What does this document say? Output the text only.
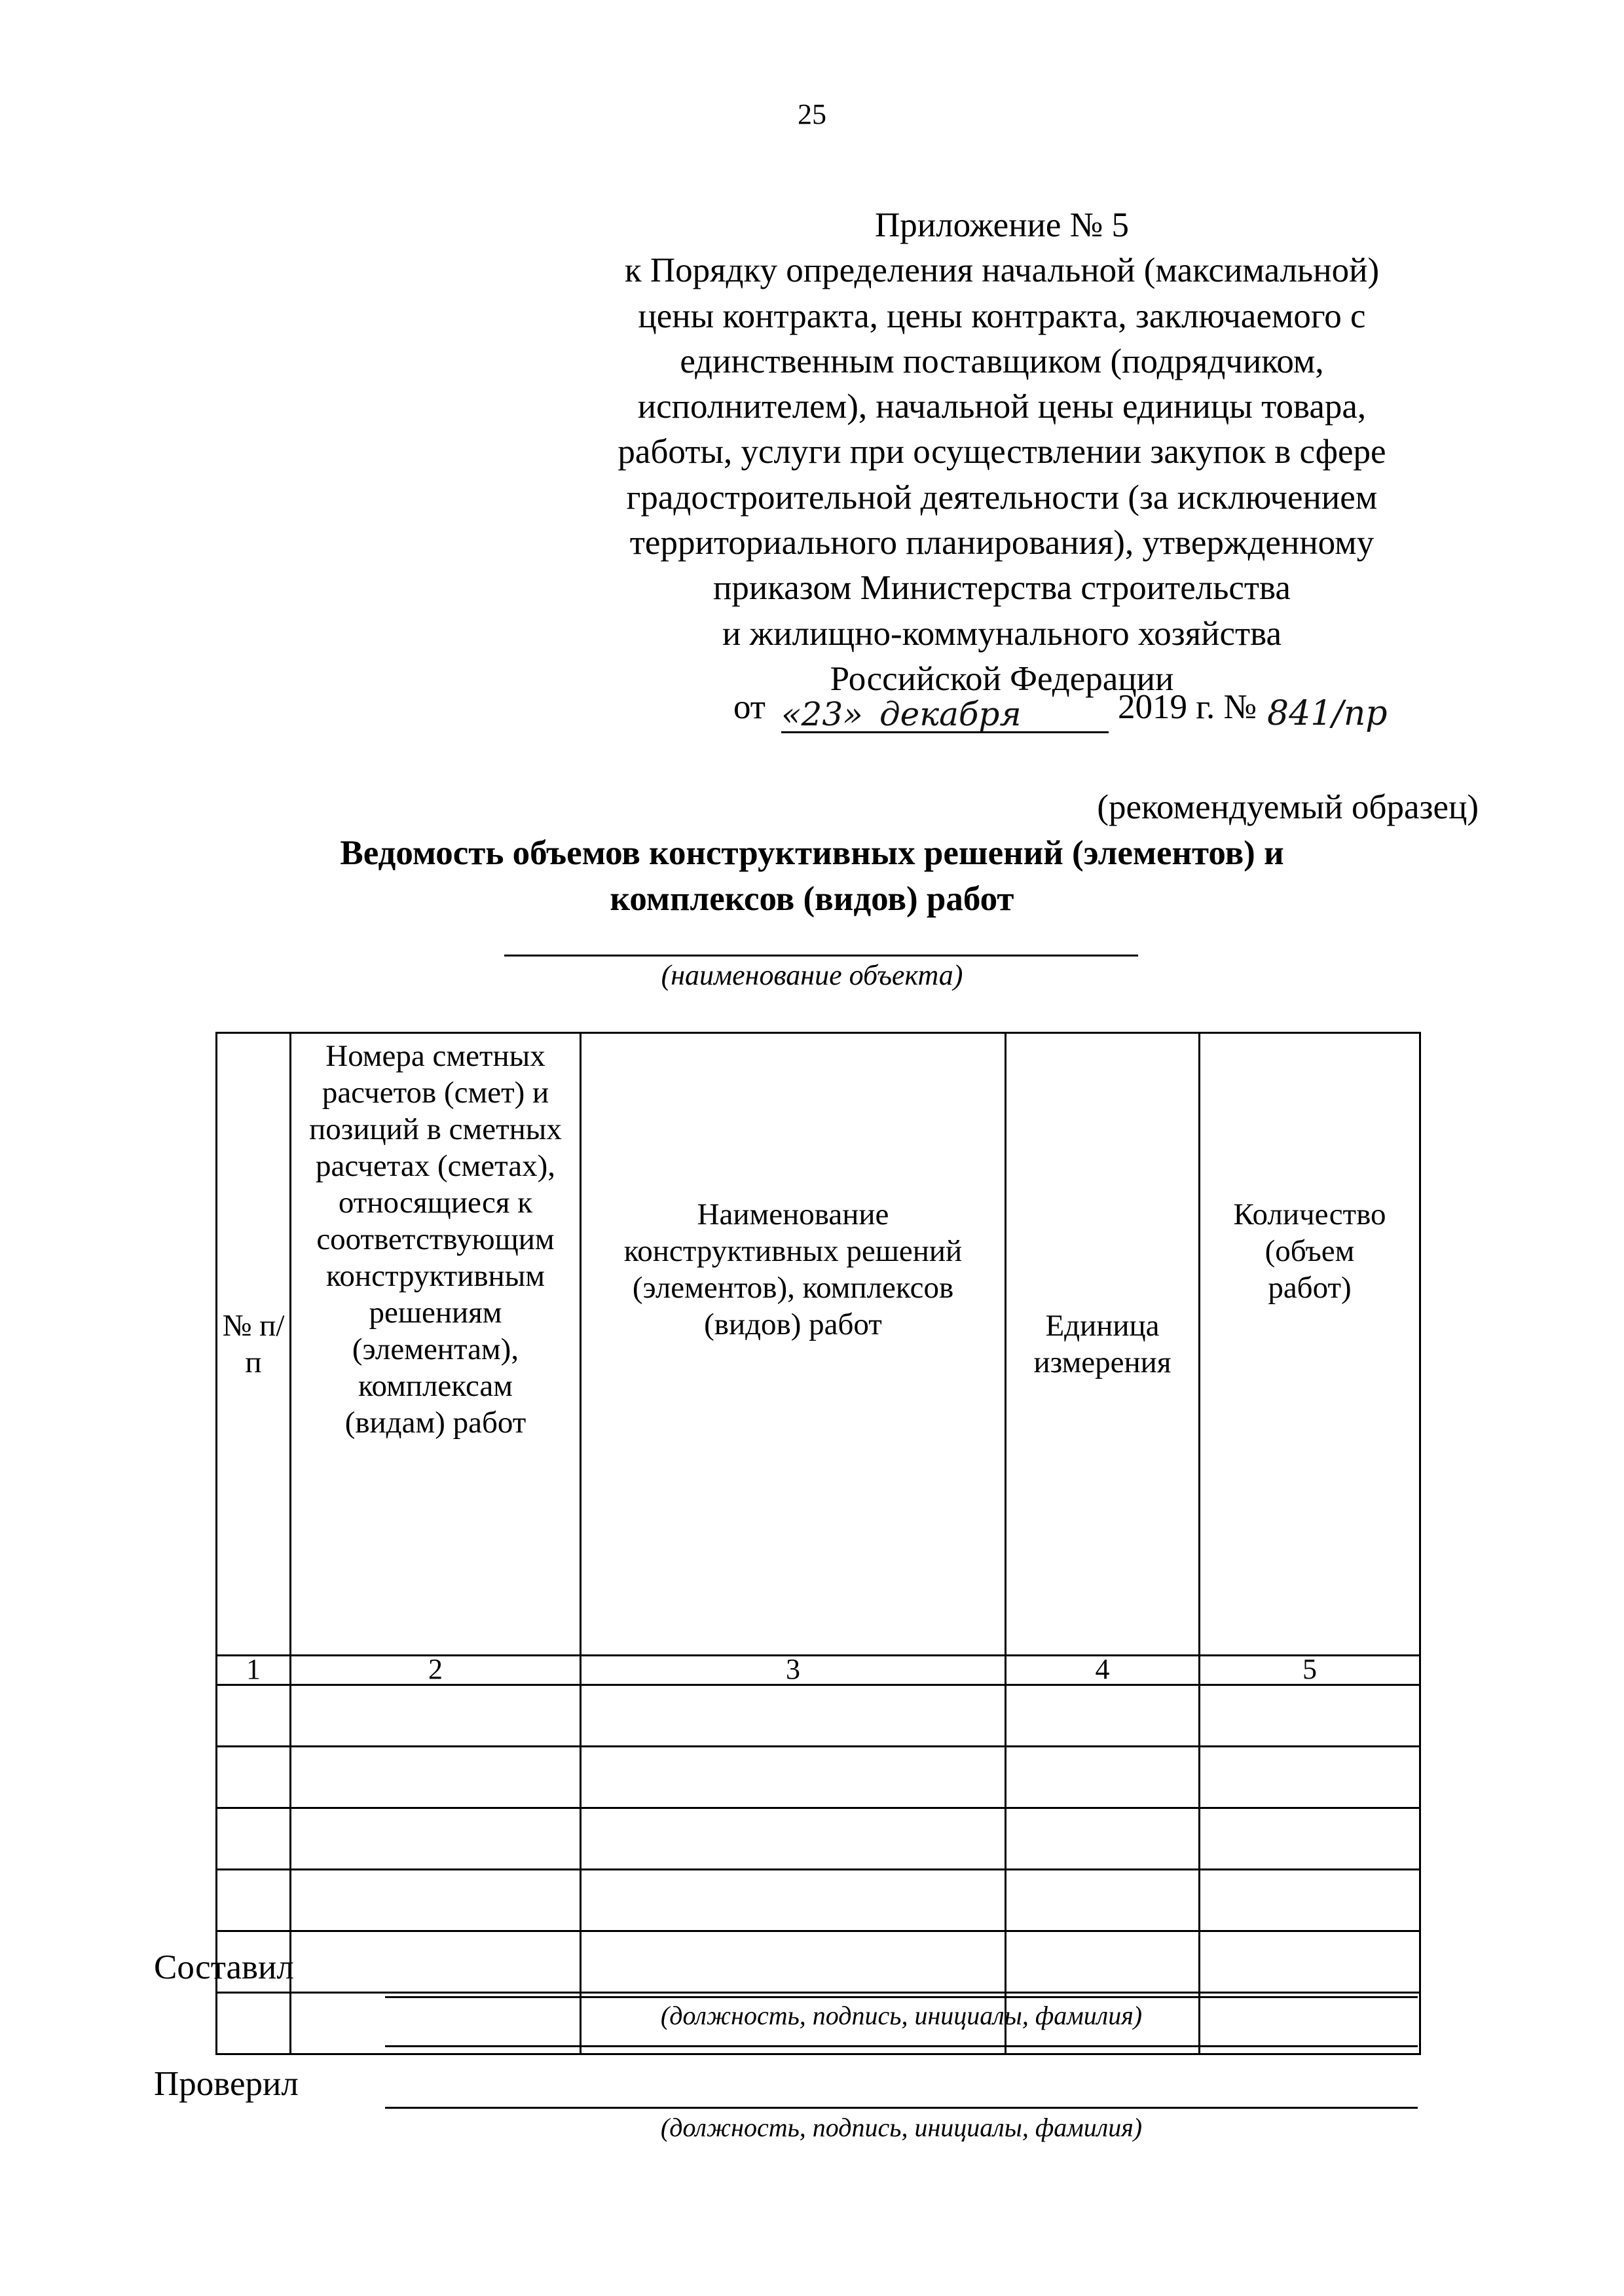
25
Приложение № 5
к Порядку определения начальной (максимальной)
цены контракта, цены контракта, заключаемого с
единственным поставщиком (подрядчиком,
исполнителем), начальной цены единицы товара,
работы, услуги при осуществлении закупок в сфере
градостроительной деятельности (за исключением
территориального планирования), утвержденному
приказом Министерства строительства
и жилищно-коммунального хозяйства
Российской Федерации
от «23» декабря	2019 г. № 841/пр
(рекомендуемый образец)
Ведомость объемов конструктивных решений (элементов) и
комплексов (видов) работ
(наименование объекта)
№ п/п	Номера сметных расчетов (смет) и позиций в сметных расчетах (сметах), относящиеся к соответствующим конструктивным решениям (элементам), комплексам (видам) работ	Наименование конструктивных решений (элементов), комплексов (видов) работ	Единица измерения	Количество (объем работ)
1	2	3	4	5

Составил
(должность, подпись, инициалы, фамилия)
Проверил
(должность, подпись, инициалы, фамилия)
